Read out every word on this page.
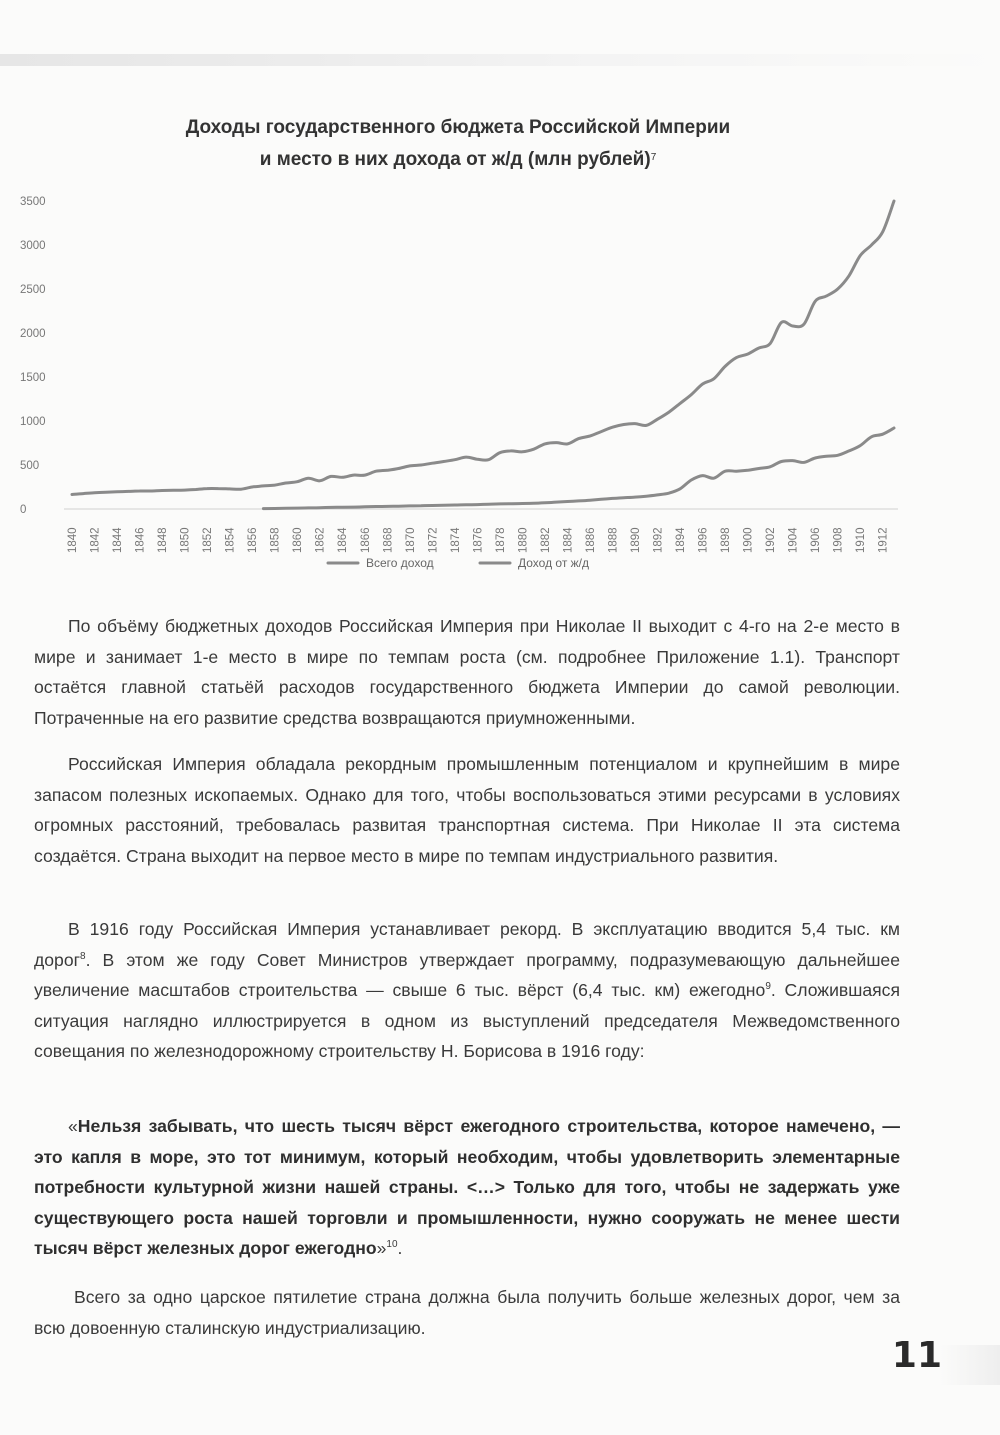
Доходы государственного бюджета Российской Империи
и место в них дохода от ж/д (млн рублей)$^7$
3500
3000
2500
2000
1500
1000
500
0
1840 1842 1844 1846 1848 1850 1852 1854 1856 1858 1860 1862 1864 1866 1868 1870 1872 1874 1876 1878 1880 1882 1884 1886 1888 1890 1892 1894 1896 1898 1900 1902 1904 1906 1908 1910 1912
Всего доход	Доход от ж/д

По объёму бюджетных доходов Российская Империя при Николае II выходит с 4-го на 2-е место в мире и занимает 1-е место в мире по темпам роста (см. подробнее Приложение 1.1). Транспорт остаётся главной статьёй расходов государственного бюджета Империи до самой революции. Потраченные на его развитие средства возвращаются приумноженными.

Российская Империя обладала рекордным промышленным потенциалом и крупнейшим в мире запасом полезных ископаемых. Однако для того, чтобы воспользоваться этими ресурсами в условиях огромных расстояний, требовалась развитая транспортная система. При Николае II эта система создаётся. Страна выходит на первое место в мире по темпам индустриального развития.

В 1916 году Российская Империя устанавливает рекорд. В эксплуатацию вводится 5,4 тыс. км дорог$^8$. В этом же году Совет Министров утверждает программу, подразумевающую дальнейшее увеличение масштабов строительства — свыше 6 тыс. вёрст (6,4 тыс. км) ежегодно$^9$. Сложившаяся ситуация наглядно иллюстрируется в одном из выступлений председателя Межведомственного совещания по железнодорожному строительству Н. Борисова в 1916 году:

«Нельзя забывать, что шесть тысяч вёрст ежегодного строительства, которое намечено, — это капля в море, это тот минимум, который необходим, чтобы удовлетворить элементарные потребности культурной жизни нашей страны. <…> Только для того, чтобы не задержать уже существующего роста нашей торговли и промышленности, нужно сооружать не менее шести тысяч вёрст железных дорог ежегодно»$^{10}$.

Всего за одно царское пятилетие страна должна была получить больше железных дорог, чем за всю довоенную сталинскую индустриализацию.

11
